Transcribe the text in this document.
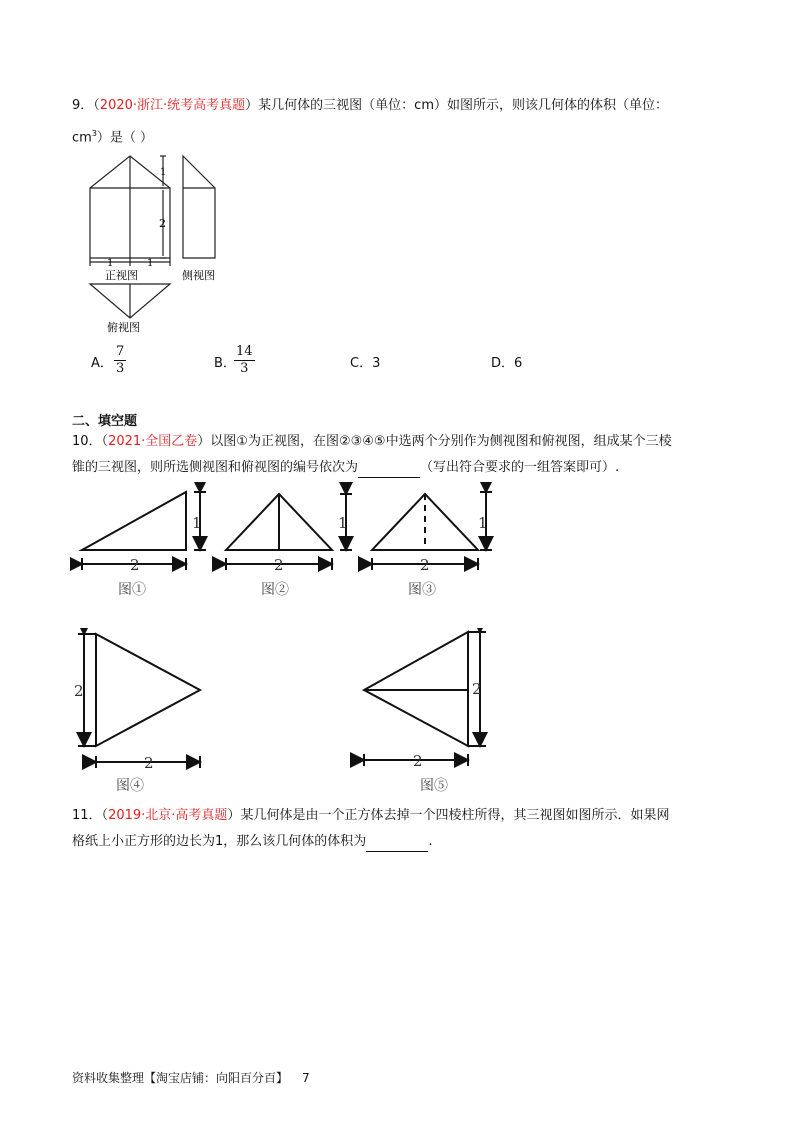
9．（2020·浙江·统考高考真题）某几何体的三视图（单位：cm）如图所示，则该几何体的体积（单位：
$cm^3$）是（ ）
1
2
1	1
正视图	侧视图
俯视图
A． $\frac{7}{3}$	B．
$\frac{14}{3}$	C．3	D．6
二、填空题
10．（2021·全国乙卷）以图①为正视图，在图②③④⑤中选两个分别作为侧视图和俯视图，组成某个三棱
锥的三视图，则所选侧视图和俯视图的编号依次为	（写出符合要求的一组答案即可）.
1
2
1
2
1
2
图①	图②	图③
2
2
2
2
图④	图⑤
11．（2019·北京·高考真题）某几何体是由一个正方体去掉一个四棱柱所得，其三视图如图所示．如果网
格纸上小正方形的边长为1，那么该几何体的体积为	.
资料收集整理【淘宝店铺：向阳百分百】 7
